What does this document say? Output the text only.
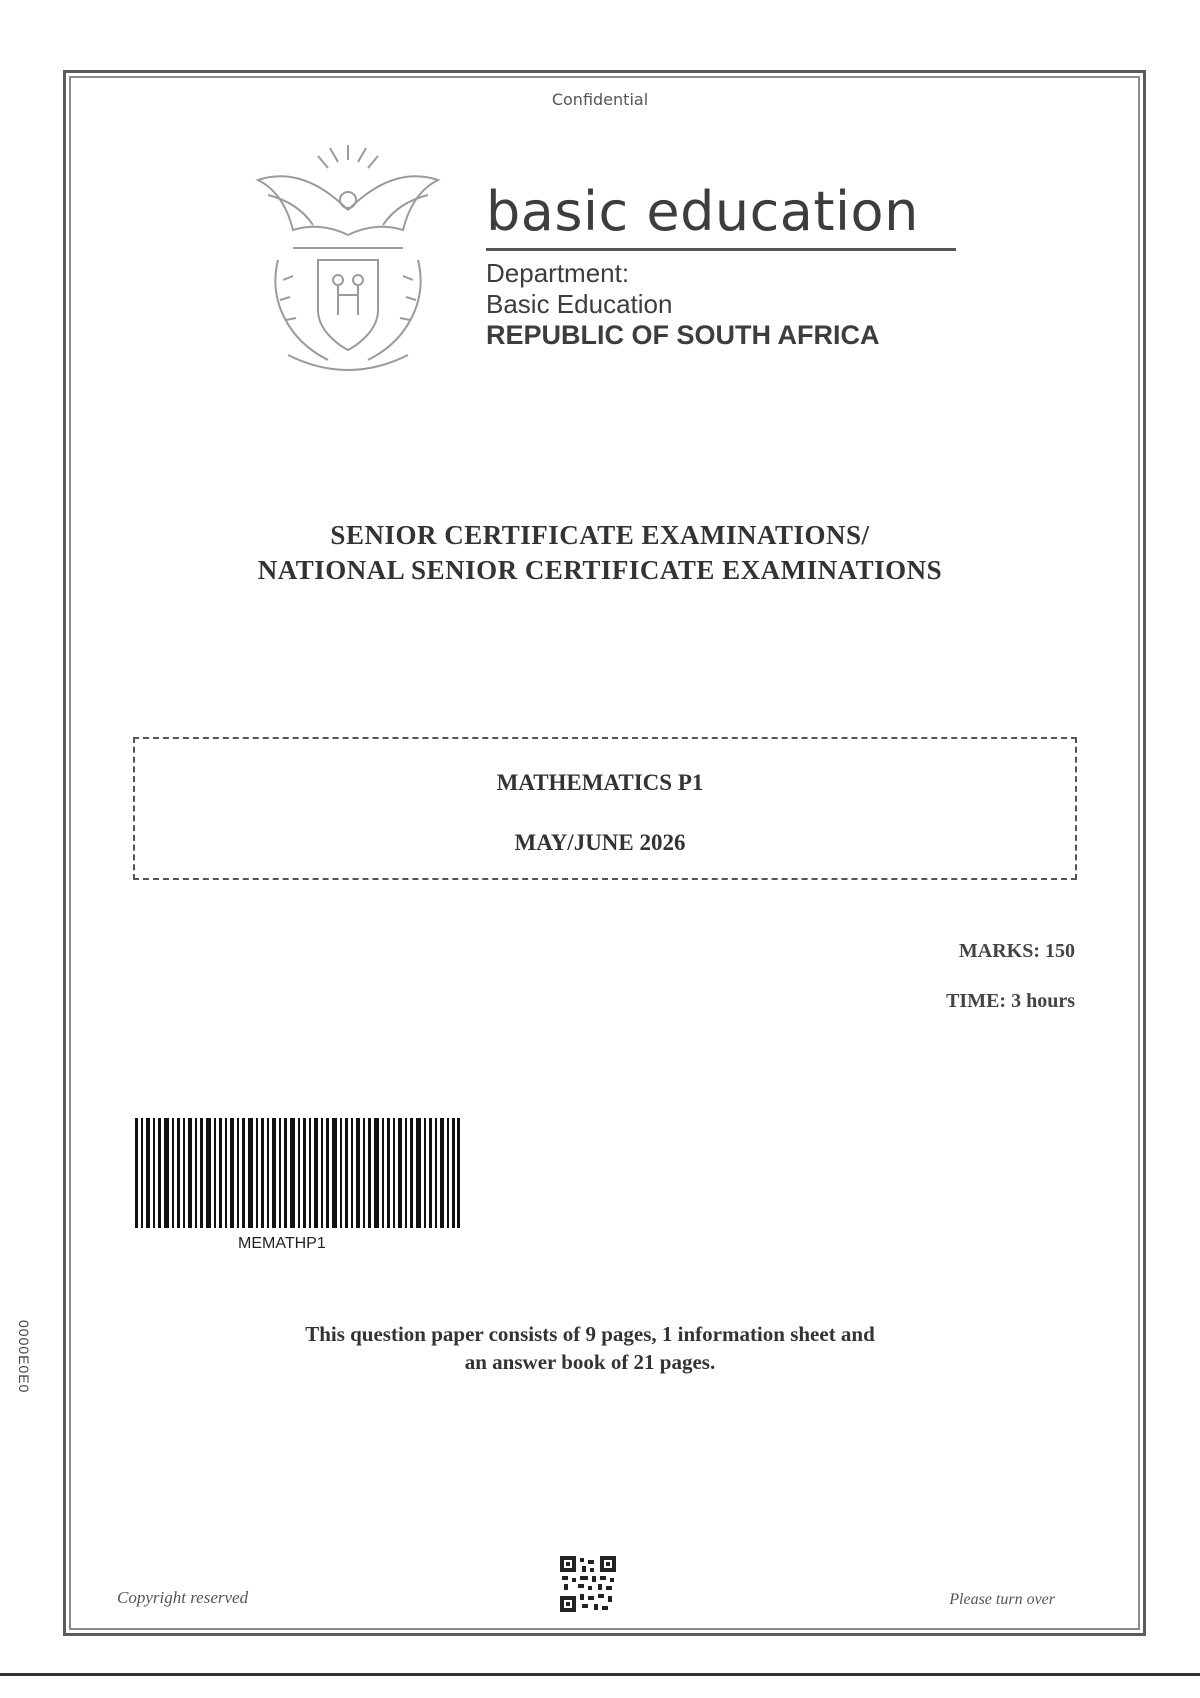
Confidential
basic education
Department:
Basic Education
REPUBLIC OF SOUTH AFRICA
SENIOR CERTIFICATE EXAMINATIONS/
NATIONAL SENIOR CERTIFICATE EXAMINATIONS
MATHEMATICS P1
MAY/JUNE 2026
MARKS: 150
TIME: 3 hours
MEMATHP1
This question paper consists of 9 pages, 1 information sheet and
an answer book of 21 pages.
0000E0E0
Copyright reserved	Please turn over
